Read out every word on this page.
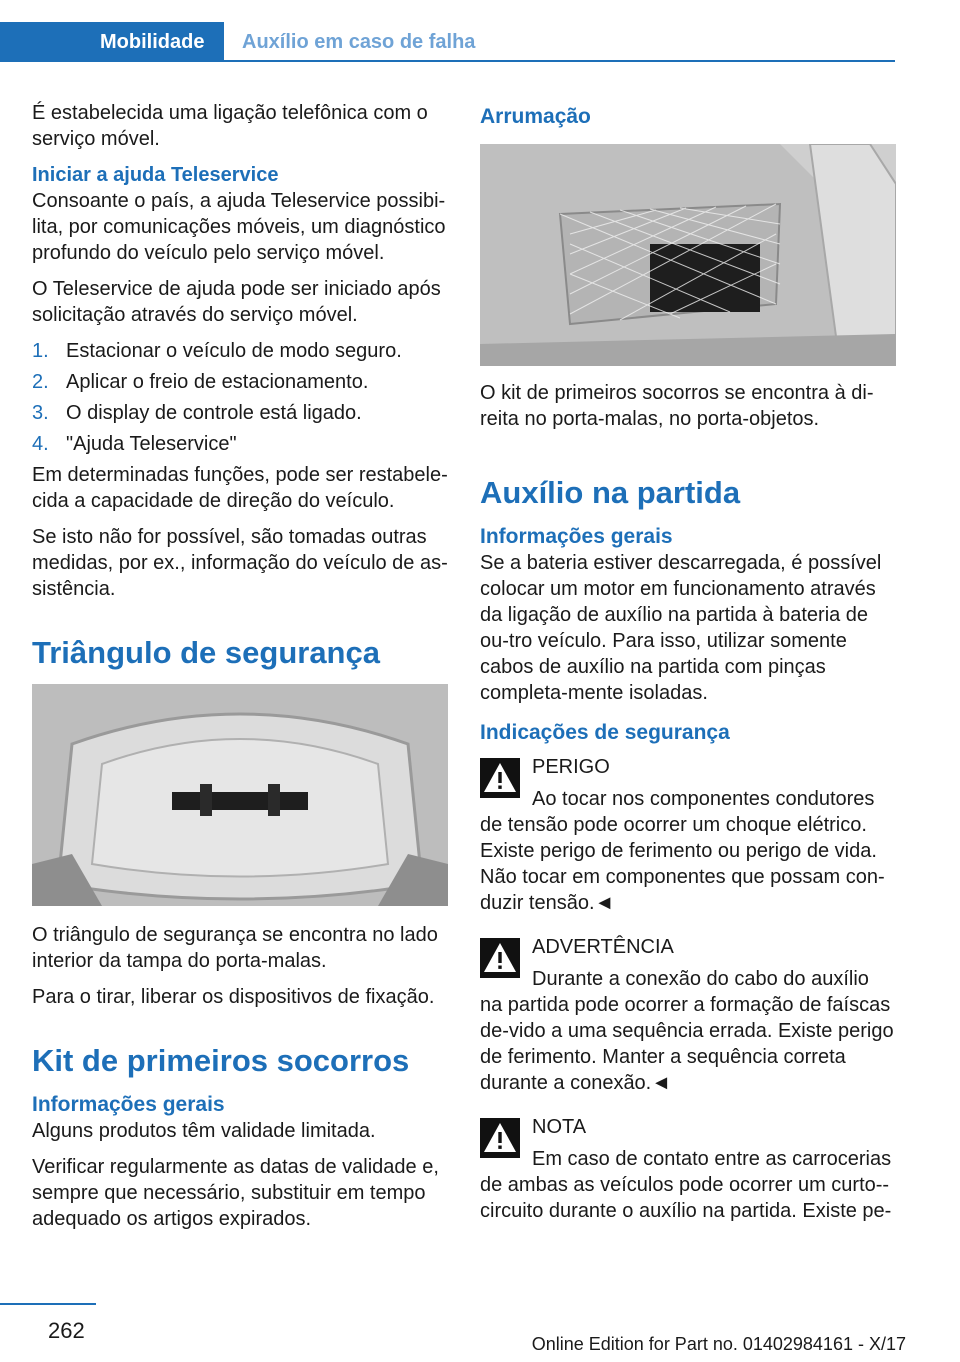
Mobilidade	Auxílio em caso de falha

É estabelecida uma ligação telefônica com o serviço móvel.

Iniciar a ajuda Teleservice

Consoante o país, a ajuda Teleservice possibi-lita, por comunicações móveis, um diagnóstico profundo do veículo pelo serviço móvel.

O Teleservice de ajuda pode ser iniciado após solicitação através do serviço móvel.

1. Estacionar o veículo de modo seguro.
2. Aplicar o freio de estacionamento.
3. O display de controle está ligado.
4. "Ajuda Teleservice"

Em determinadas funções, pode ser restabele-cida a capacidade de direção do veículo.

Se isto não for possível, são tomadas outras medidas, por ex., informação do veículo de as-sistência.

Triângulo de segurança

O triângulo de segurança se encontra no lado interior da tampa do porta-malas.

Para o tirar, liberar os dispositivos de fixação.

Kit de primeiros socorros
Informações gerais

Alguns produtos têm validade limitada.

Verificar regularmente as datas de validade e, sempre que necessário, substituir em tempo adequado os artigos expirados.

Arrumação

O kit de primeiros socorros se encontra à di-reita no porta-malas, no porta-objetos.

Auxílio na partida
Informações gerais

Se a bateria estiver descarregada, é possível colocar um motor em funcionamento através da ligação de auxílio na partida à bateria de ou-tro veículo. Para isso, utilizar somente cabos de auxílio na partida com pinças completa-mente isoladas.

Indicações de segurança
PERIGO

Ao tocar nos componentes condutores de tensão pode ocorrer um choque elétrico. Existe perigo de ferimento ou perigo de vida. Não tocar em componentes que possam con-duzir tensão.◄

ADVERTÊNCIA

Durante a conexão do cabo do auxílio na partida pode ocorrer a formação de faíscas de-vido a uma sequência errada. Existe perigo de ferimento. Manter a sequência correta durante a conexão.◄

NOTA

Em caso de contato entre as carrocerias de ambas as veículos pode ocorrer um curto--circuito durante o auxílio na partida. Existe pe-

262
Online Edition for Part no. 01402984161 - X/17
